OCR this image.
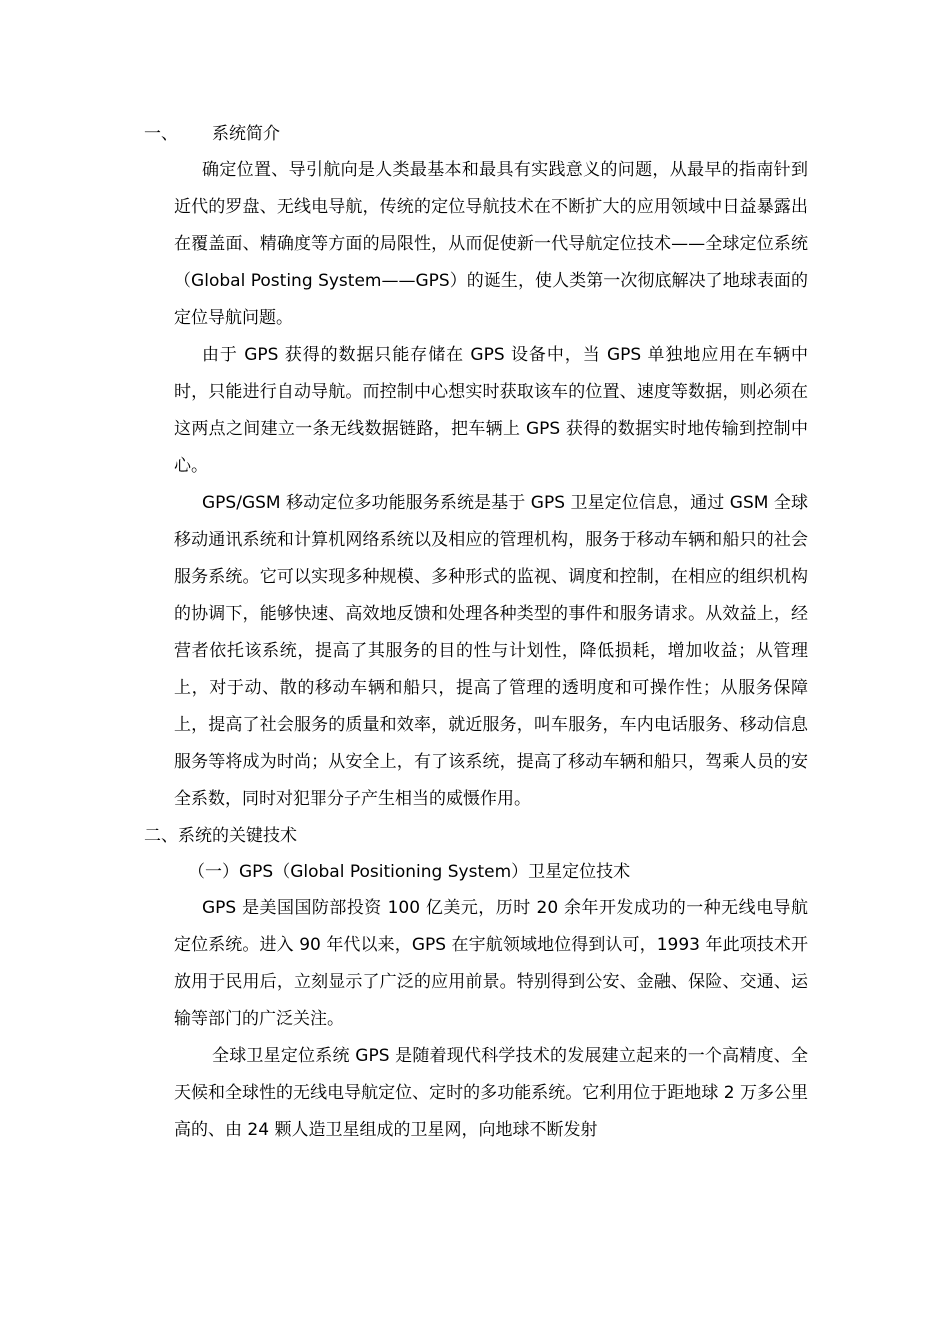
一、 系统简介

确定位置、导引航向是人类最基本和最具有实践意义的问题，从最早的指南针到近代的罗盘、无线电导航，传统的定位导航技术在不断扩大的应用领域中日益暴露出在覆盖面、精确度等方面的局限性，从而促使新一代导航定位技术——全球定位系统（Global Posting System——GPS）的诞生，使人类第一次彻底解决了地球表面的定位导航问题。

由于 GPS 获得的数据只能存储在 GPS 设备中，当 GPS 单独地应用在车辆中时，只能进行自动导航。而控制中心想实时获取该车的位置、速度等数据，则必须在这两点之间建立一条无线数据链路，把车辆上 GPS 获得的数据实时地传输到控制中心。

GPS/GSM 移动定位多功能服务系统是基于 GPS 卫星定位信息，通过 GSM 全球移动通讯系统和计算机网络系统以及相应的管理机构，服务于移动车辆和船只的社会服务系统。它可以实现多种规模、多种形式的监视、调度和控制，在相应的组织机构的协调下，能够快速、高效地反馈和处理各种类型的事件和服务请求。从效益上，经营者依托该系统，提高了其服务的目的性与计划性，降低损耗，增加收益；从管理上，对于动、散的移动车辆和船只，提高了管理的透明度和可操作性；从服务保障上，提高了社会服务的质量和效率，就近服务，叫车服务，车内电话服务、移动信息服务等将成为时尚；从安全上，有了该系统，提高了移动车辆和船只，驾乘人员的安全系数，同时对犯罪分子产生相当的威慑作用。

二、系统的关键技术
（一）GPS（Global Positioning System）卫星定位技术

GPS 是美国国防部投资 100 亿美元，历时 20 余年开发成功的一种无线电导航定位系统。进入 90 年代以来，GPS 在宇航领域地位得到认可，1993 年此项技术开放用于民用后，立刻显示了广泛的应用前景。特别得到公安、金融、保险、交通、运输等部门的广泛关注。

全球卫星定位系统 GPS 是随着现代科学技术的发展建立起来的一个高精度、全天候和全球性的无线电导航定位、定时的多功能系统。它利用位于距地球 2 万多公里高的、由 24 颗人造卫星组成的卫星网，向地球不断发射
